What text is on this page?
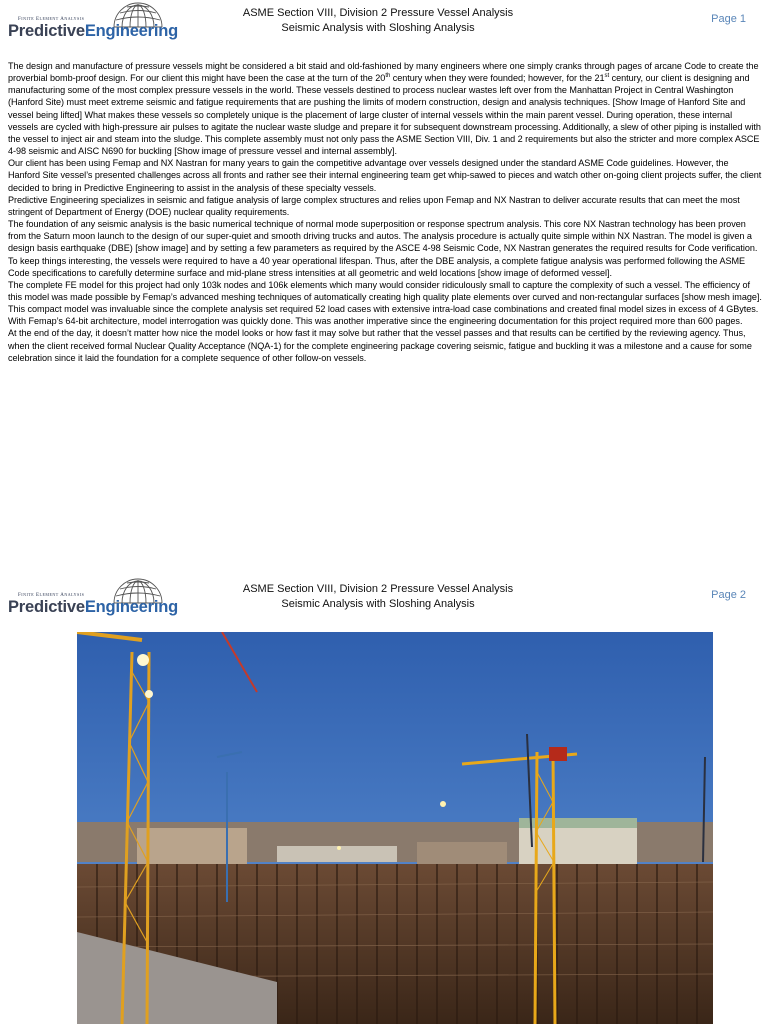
Finite Element Analysis
PredictiveEngineering
ASME Section VIII, Division 2 Pressure Vessel Analysis
Seismic Analysis with Sloshing Analysis
Page 1

The design and manufacture of pressure vessels might be considered a bit staid and old-fashioned by many engineers where one simply cranks through pages of arcane Code to create the proverbial bomb-proof design. For our client this might have been the case at the turn of the 20th century when they were founded; however, for the 21st century, our client is designing and manufacturing some of the most complex pressure vessels in the world. These vessels destined to process nuclear wastes left over from the Manhattan Project in Central Washington (Hanford Site) must meet extreme seismic and fatigue requirements that are pushing the limits of modern construction, design and analysis techniques. [Show Image of Hanford Site and vessel being lifted] What makes these vessels so completely unique is the placement of large cluster of internal vessels within the main parent vessel. During operation, these internal vessels are cycled with high-pressure air pulses to agitate the nuclear waste sludge and prepare it for subsequent downstream processing. Additionally, a slew of other piping is installed with the vessel to inject air and steam into the sludge. This complete assembly must not only pass the ASME Section VIII, Div. 1 and 2 requirements but also the stricter and more complex ASCE 4-98 seismic and AISC N690 for buckling [Show image of pressure vessel and internal assembly].

Our client has been using Femap and NX Nastran for many years to gain the competitive advantage over vessels designed under the standard ASME Code guidelines. However, the Hanford Site vessel’s presented challenges across all fronts and rather see their internal engineering team get whip-sawed to pieces and watch other on-going client projects suffer, the client decided to bring in Predictive Engineering to assist in the analysis of these specialty vessels.

Predictive Engineering specializes in seismic and fatigue analysis of large complex structures and relies upon Femap and NX Nastran to deliver accurate results that can meet the most stringent of Department of Energy (DOE) nuclear quality requirements.

The foundation of any seismic analysis is the basic numerical technique of normal mode superposition or response spectrum analysis. This core NX Nastran technology has been proven from the Saturn moon launch to the design of our super-quiet and smooth driving trucks and autos. The analysis procedure is actually quite simple within NX Nastran. The model is given a design basis earthquake (DBE) [show image] and by setting a few parameters as required by the ASCE 4-98 Seismic Code, NX Nastran generates the required results for Code verification.

To keep things interesting, the vessels were required to have a 40 year operational lifespan. Thus, after the DBE analysis, a complete fatigue analysis was performed following the ASME Code specifications to carefully determine surface and mid-plane stress intensities at all geometric and weld locations [show image of deformed vessel].

The complete FE model for this project had only 103k nodes and 106k elements which many would consider ridiculously small to capture the complexity of such a vessel. The efficiency of this model was made possible by Femap’s advanced meshing techniques of automatically creating high quality plate elements over curved and non-rectangular surfaces [show mesh image]. This compact model was invaluable since the complete analysis set required 52 load cases with extensive intra-load case combinations and created final model sizes in excess of 4 GBytes. With Femap’s 64-bit architecture, model interrogation was quickly done. This was another imperative since the engineering documentation for this project required more than 600 pages.

At the end of the day, it doesn’t matter how nice the model looks or how fast it may solve but rather that the vessel passes and that results can be certified by the reviewing agency. Thus, when the client received formal Nuclear Quality Acceptance (NQA-1) for the complete engineering package covering seismic, fatigue and buckling it was a milestone and a cause for some celebration since it laid the foundation for a complete sequence of other follow-on vessels.

Finite Element Analysis
PredictiveEngineering
ASME Section VIII, Division 2 Pressure Vessel Analysis
Seismic Analysis with Sloshing Analysis
Page 2
